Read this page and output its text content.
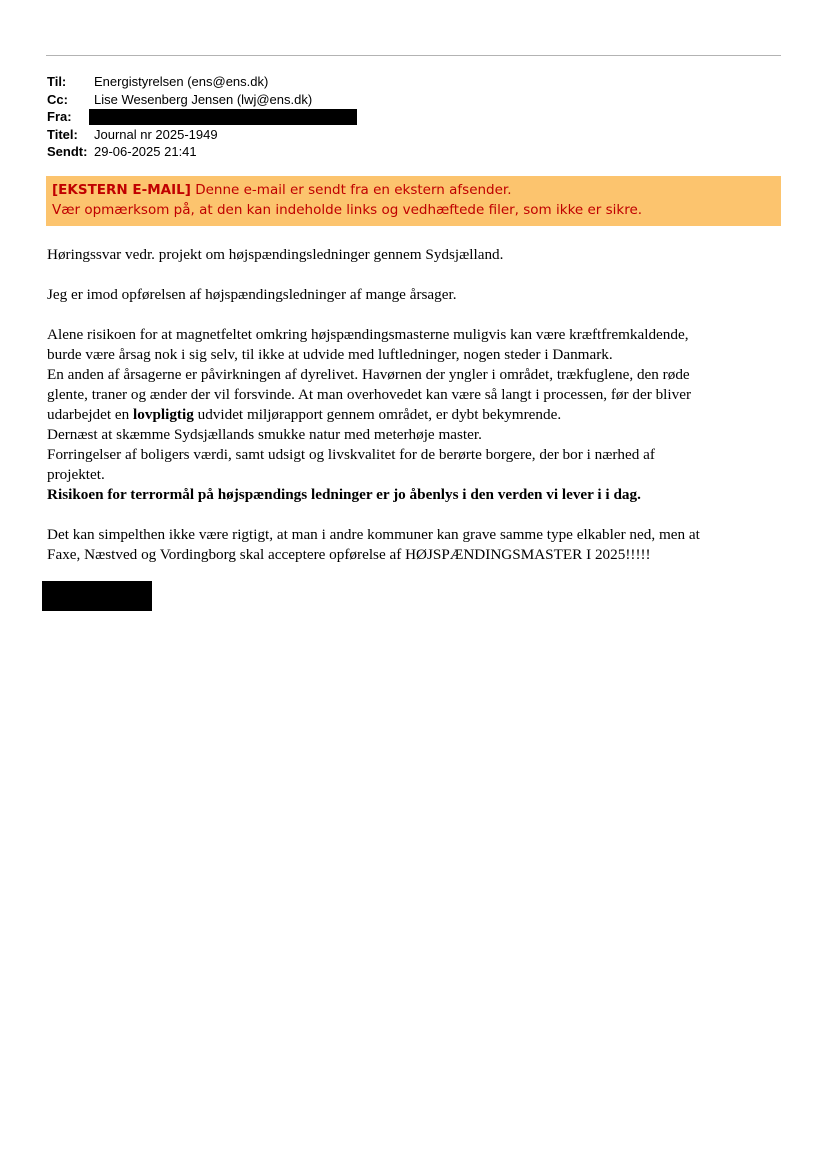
Til: Energistyrelsen (ens@ens.dk)
Cc: Lise Wesenberg Jensen (lwj@ens.dk)
Fra:
Titel: Journal nr 2025-1949
Sendt: 29-06-2025 21:41
[EKSTERN E-MAIL] Denne e-mail er sendt fra en ekstern afsender.
Vær opmærksom på, at den kan indeholde links og vedhæftede filer, som ikke er sikre.

Høringssvar vedr. projekt om højspændingsledninger gennem Sydsjælland.

Jeg er imod opførelsen af højspændingsledninger af mange årsager.

Alene risikoen for at magnetfeltet omkring højspændingsmasterne muligvis kan være kræftfremkaldende,

burde være årsag nok i sig selv, til ikke at udvide med luftledninger, nogen steder i Danmark.

En anden af årsagerne er påvirkningen af dyrelivet. Havørnen der yngler i området, trækfuglene, den røde

glente, traner og ænder der vil forsvinde. At man overhovedet kan være så langt i processen, før der bliver

udarbejdet en lovpligtig udvidet miljørapport gennem området, er dybt bekymrende.

Dernæst at skæmme Sydsjællands smukke natur med meterhøje master.

Forringelser af boligers værdi, samt udsigt og livskvalitet for de berørte borgere, der bor i nærhed af

projektet.

Risikoen for terrormål på højspændings ledninger er jo åbenlys i den verden vi lever i i dag.

Det kan simpelthen ikke være rigtigt, at man i andre kommuner kan grave samme type elkabler ned, men at

Faxe, Næstved og Vordingborg skal acceptere opførelse af HØJSPÆNDINGSMASTER I 2025!!!!!
